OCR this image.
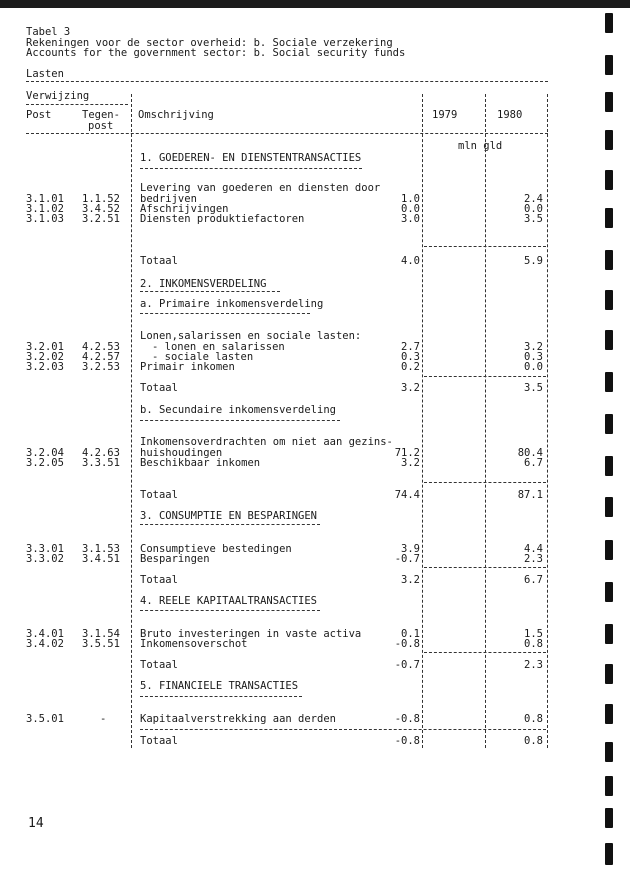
Tabel 3
Rekeningen voor de sector overheid: b. Sociale verzekering
Accounts for the government sector: b. Social security funds
Lasten
Verwijzing
Post	Tegen-
post
Omschrijving	1979	1980
mln gld
1. GOEDEREN- EN DIENSTENTRANSACTIES
Levering van goederen en diensten door
3.1.01 1.1.52 bedrijven	1.0	2.4
3.1.02 3.4.52 Afschrijvingen	0.0	0.0
3.1.03 3.2.51 Diensten produktiefactoren	3.0	3.5
Totaal	4.0	5.9
2. INKOMENSVERDELING
a. Primaire inkomensverdeling
Lonen,salarissen en sociale lasten:
3.2.01 4.2.53	- lonen en salarissen	2.7	3.2
3.2.02 4.2.57	- sociale lasten	0.3	0.3
3.2.03 3.2.53 Primair inkomen	0.2	0.0
Totaal	3.2	3.5
b. Secundaire inkomensverdeling
Inkomensoverdrachten om niet aan gezins-
3.2.04 4.2.63 huishoudingen	71.2	80.4
3.2.05 3.3.51 Beschikbaar inkomen	3.2	6.7
Totaal	74.4	87.1
3. CONSUMPTIE EN BESPARINGEN
3.3.01 3.1.53 Consumptieve bestedingen	3.9	4.4
3.3.02 3.4.51 Besparingen	-0.7	2.3
Totaal	3.2	6.7
4. REELE KAPITAALTRANSACTIES
3.4.01 3.1.54 Bruto investeringen in vaste activa	0.1	1.5
3.4.02 3.5.51 Inkomensoverschot	-0.8	0.8
Totaal	-0.7	2.3
5. FINANCIELE TRANSACTIES
3.5.01	-	Kapitaalverstrekking aan derden	-0.8	0.8
Totaal	-0.8	0.8
14
